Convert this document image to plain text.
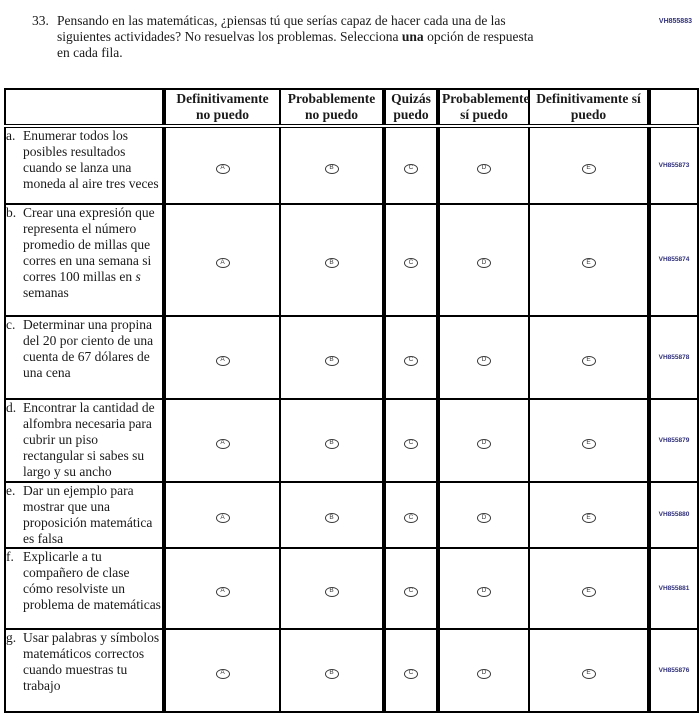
VH855883
33. Pensando en las matemáticas, ¿piensas tú que serías capaz de hacer cada una de las siguientes actividades? No resuelvas los problemas. Selecciona una opción de respuesta en cada fila.
	Definitivamente no puedo	Probablemente no puedo	Quizás puedo	Probablemente sí puedo	Definitivamente sí puedo	

a. Enumerar todos los posibles resultados cuando se lanza una moneda al aire tres veces	A	B	C	D	E	VH855873

b. Crear una expresión que representa el número promedio de millas que corres en una semana si corres 100 millas en s semanas	A	B	C	D	E	VH855874

c. Determinar una propina del 20 por ciento de una cuenta de 67 dólares de una cena	A	B	C	D	E	VH855878

d. Encontrar la cantidad de alfombra necesaria para cubrir un piso rectangular si sabes su largo y su ancho	A	B	C	D	E	VH855879

e. Dar un ejemplo para mostrar que una proposición matemática es falsa	A	B	C	D	E	VH855880

f. Explicarle a tu compañero de clase cómo resolviste un problema de matemáticas	A	B	C	D	E	VH855881

g. Usar palabras y símbolos matemáticos correctos cuando muestras tu trabajo	A	B	C	D	E	VH855876
